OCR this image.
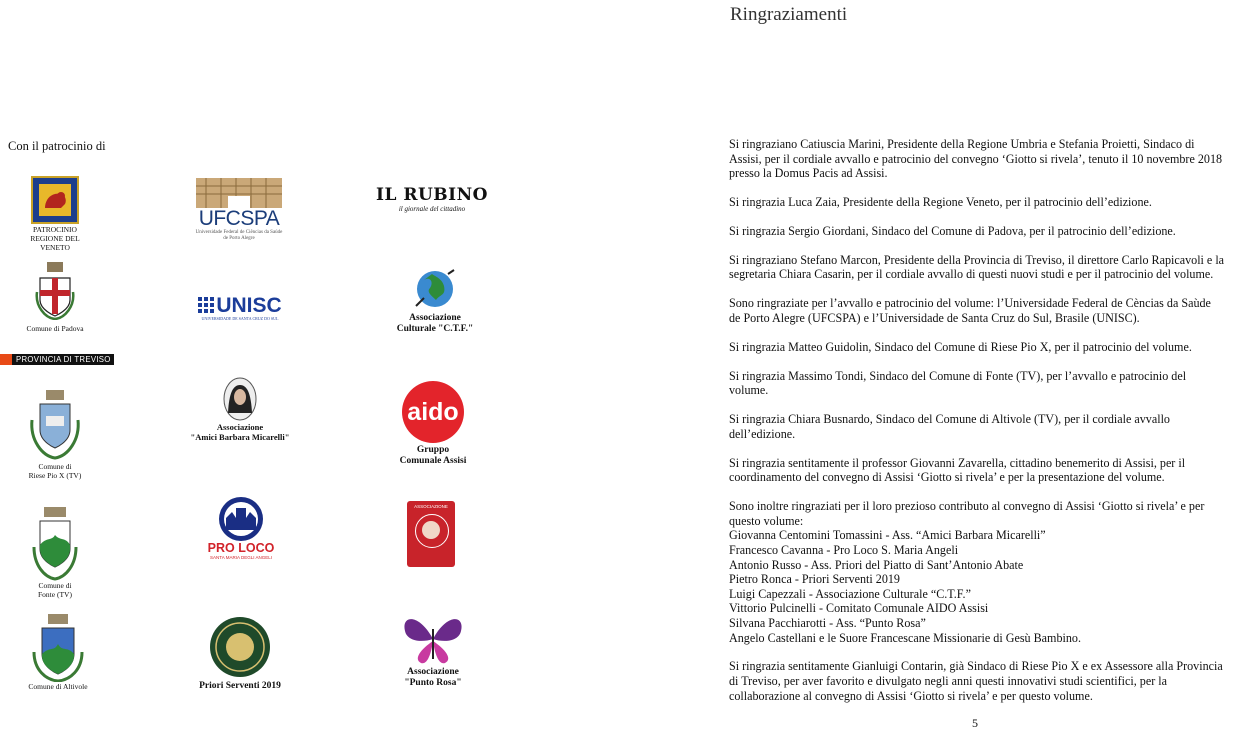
Ringraziamenti
Con il patrocinio di
PATROCINIO
REGIONE DEL VENETO
UFCSPA
Universidade Federal de Ciências da Saúde de Porto Alegre
IL RUBINO
il giornale del cittadino
Comune di Padova
UNISC
UNIVERSIDADE DE SANTA CRUZ DO SUL	Associazione
Culturale "C.T.F."
PROVINCIA DI TREVISO
Comune di
Riese Pio X (TV)
Associazione
"Amici Barbara Micarelli"
aido
Gruppo
Comunale Assisi
Comune di
Fonte (TV)
PRO LOCO
SANTA MARIA DEGLI ANGELI
ASSOCIAZIONE
Comune di Altivole	Priori Serventi 2019
Associazione
"Punto Rosa"

Si ringraziano Catiuscia Marini, Presidente della Regione Umbria e Stefania Proietti, Sindaco di Assisi, per il cordiale avvallo e patrocinio del convegno ‘Giotto si rivela’, tenuto il 10 novembre 2018 presso la Domus Pacis ad Assisi.

Si ringrazia Luca Zaia, Presidente della Regione Veneto, per il patrocinio dell’edizione.

Si ringrazia Sergio Giordani, Sindaco del Comune di Padova, per il patrocinio dell’edizione.

Si ringraziano Stefano Marcon, Presidente della Provincia di Treviso, il direttore Carlo Rapicavoli e la segretaria Chiara Casarin, per il cordiale avvallo di questi nuovi studi e per il patrocinio del volume.

Sono ringraziate per l’avvallo e patrocinio del volume: l’Universidade Federal de Cèncias da Saùde de Porto Alegre (UFCSPA) e l’Universidade de Santa Cruz do Sul, Brasile (UNISC).

Si ringrazia Matteo Guidolin, Sindaco del Comune di Riese Pio X, per il patrocinio del volume.

Si ringrazia Massimo Tondi, Sindaco del Comune di Fonte (TV), per l’avvallo e patrocinio del volume.

Si ringrazia Chiara Busnardo, Sindaco del Comune di Altivole (TV), per il cordiale avvallo dell’edizione.

Si ringrazia sentitamente il professor Giovanni Zavarella, cittadino benemerito di Assisi, per il coordinamento del convegno di Assisi ‘Giotto si rivela’ e per la presentazione del volume.

Sono inoltre ringraziati per il loro prezioso contributo al convegno di Assisi ‘Giotto si rivela’ e per questo volume:
Giovanna Centomini Tomassini - Ass. “Amici Barbara Micarelli”
Francesco Cavanna - Pro Loco S. Maria Angeli
Antonio Russo - Ass. Priori del Piatto di Sant’Antonio Abate
Pietro Ronca - Priori Serventi 2019
Luigi Capezzali - Associazione Culturale “C.T.F.”
Vittorio Pulcinelli - Comitato Comunale AIDO Assisi
Silvana Pacchiarotti - Ass. “Punto Rosa”
Angelo Castellani e le Suore Francescane Missionarie di Gesù Bambino.

Si ringrazia sentitamente Gianluigi Contarin, già Sindaco di Riese Pio X e ex Assessore alla Provincia di Treviso, per aver favorito e divulgato negli anni questi innovativi studi scientifici, per la collaborazione al convegno di Assisi ‘Giotto si rivela’ e per questo volume.

5
